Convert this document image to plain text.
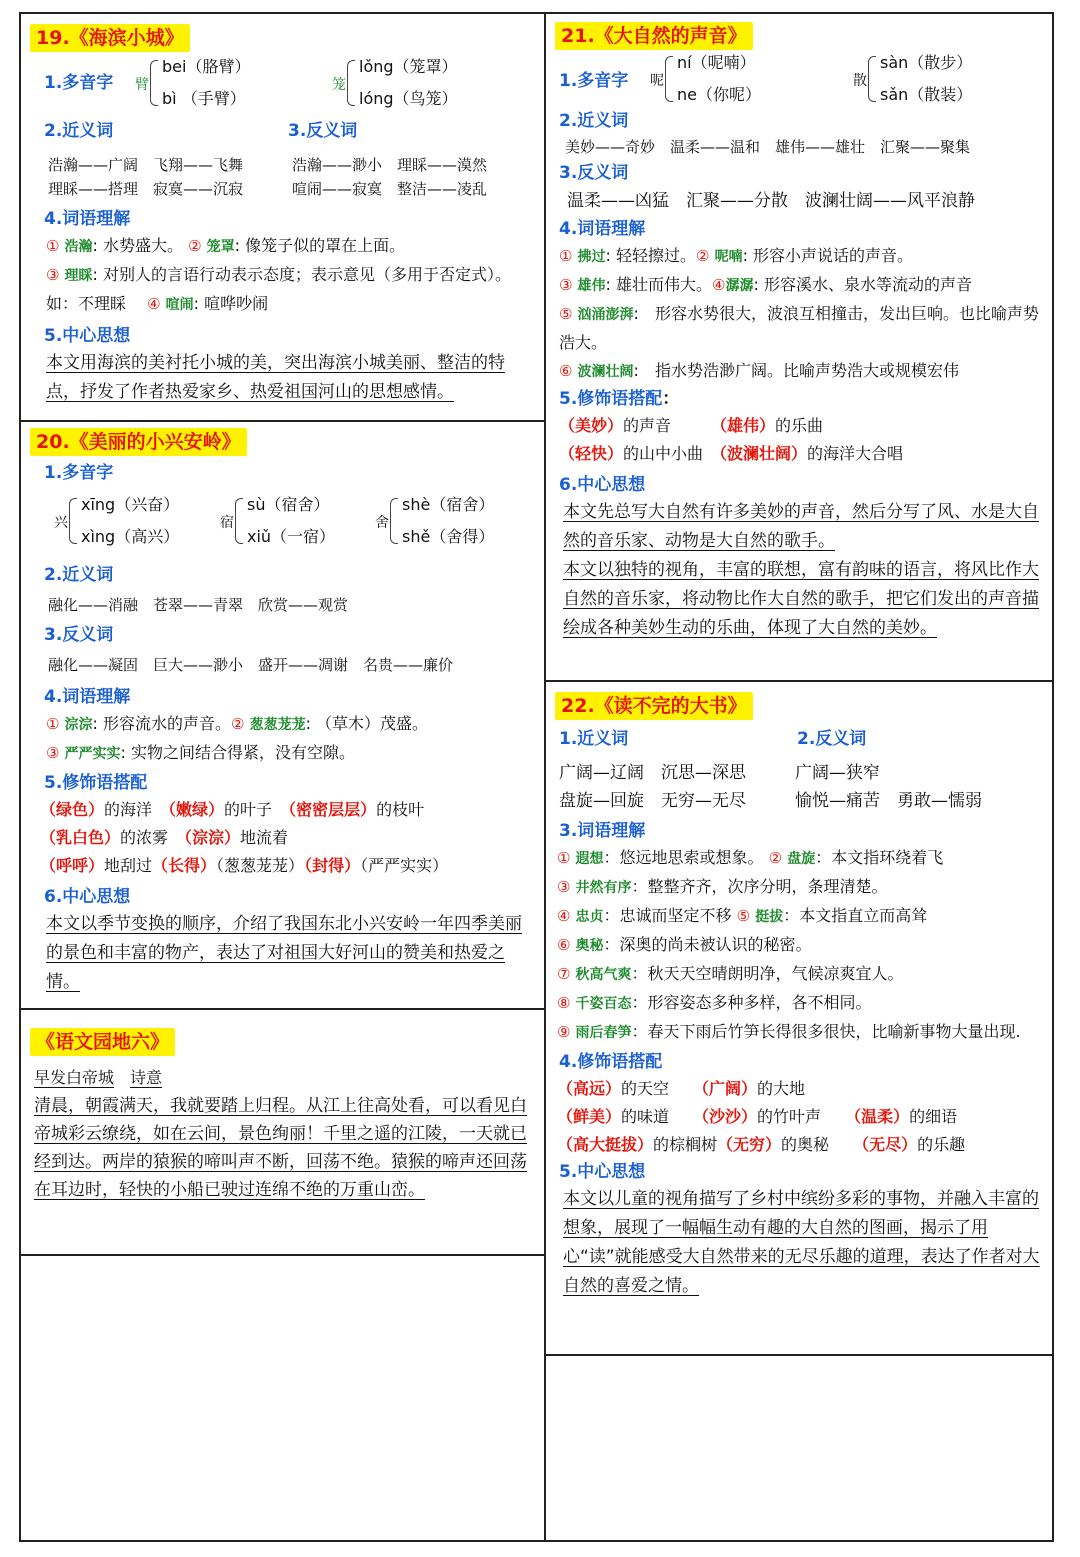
19.《海滨小城》
1.多音字 臂
bei（胳臂）
bì （手臂）
笼
lǒng（笼罩）
lóng（鸟笼）
2.近义词	3.反义词
浩瀚——广阔　飞翔——飞舞
理睬——搭理　寂寞——沉寂
浩瀚——渺小　理睬——漠然
喧闹——寂寞　整洁——凌乱
4.词语理解
① 浩瀚: 水势盛大。 ② 笼罩: 像笼子似的罩在上面。
③ 理睬: 对别人的言语行动表示态度；表示意见（多用于否定式）。如：不理睬 　 ④ 喧闹: 喧哗吵闹
5.中心思想
本文用海滨的美衬托小城的美，突出海滨小城美丽、整洁的特点，抒发了作者热爱家乡、热爱祖国河山的思想感情。
20.《美丽的小兴安岭》
1.多音字
兴
xīng（兴奋）
xìng（高兴）
宿
sù（宿舍）
xiǔ（一宿）
舍
shè（宿舍）
shě（舍得）
2.近义词
融化——消融　苍翠——青翠　欣赏——观赏
3.反义词
融化——凝固　巨大——渺小　盛开——凋谢　名贵——廉价
4.词语理解
① 淙淙: 形容流水的声音。② 葱葱茏茏: （草木）茂盛。
③ 严严实实: 实物之间结合得紧，没有空隙。
5.修饰语搭配
（绿色）的海洋　（嫩绿）的叶子　（密密层层）的枝叶
（乳白色）的浓雾　（淙淙）地流着
（呼呼）地刮过（长得）（葱葱茏茏）（封得）（严严实实）
6.中心思想
本文以季节变换的顺序，介绍了我国东北小兴安岭一年四季美丽的景色和丰富的物产，表达了对祖国大好河山的赞美和热爱之情。
《语文园地六》
早发白帝城　 诗意
清晨，朝霞满天，我就要踏上归程。从江上往高处看，可以看见白帝城彩云缭绕，如在云间，景色绚丽！千里之遥的江陵，一天就已经到达。两岸的猿猴的啼叫声不断，回荡不绝。猿猴的啼声还回荡在耳边时，轻快的小船已驶过连绵不绝的万重山峦。
21.《大自然的声音》
1.多音字 呢
ní（呢喃）
ne（你呢）
散
sàn（散步）
sǎn（散装）
2.近义词
美妙——奇妙　温柔——温和　雄伟——雄壮　汇聚——聚集
3.反义词
温柔——凶猛　汇聚——分散　波澜壮阔——风平浪静
4.词语理解
① 拂过: 轻轻擦过。② 呢喃: 形容小声说话的声音。
③ 雄伟: 雄壮而伟大。④潺潺: 形容溪水、泉水等流动的声音
⑤ 汹涌澎湃:　形容水势很大，波浪互相撞击，发出巨响。也比喻声势浩大。
⑥ 波澜壮阔:　指水势浩渺广阔。比喻声势浩大或规模宏伟
5.修饰语搭配：
（美妙）的声音　　　（雄伟）的乐曲
（轻快）的山中小曲　（波澜壮阔）的海洋大合唱
6.中心思想
本文先总写大自然有许多美妙的声音，然后分写了风、水是大自然的音乐家、动物是大自然的歌手。
本文以独特的视角，丰富的联想，富有韵味的语言，将风比作大自然的音乐家，将动物比作大自然的歌手，把它们发出的声音描绘成各种美妙生动的乐曲，体现了大自然的美妙。
22.《读不完的大书》
1.近义词	2.反义词
广阔—辽阔　沉思—深思
盘旋—回旋　无穷—无尽
广阔—狭窄
愉悦—痛苦　勇敢—懦弱
3.词语理解
① 遐想：悠远地思索或想象。 ② 盘旋：本文指环绕着飞
③ 井然有序：整整齐齐，次序分明，条理清楚。
④ 忠贞：忠诚而坚定不移 ⑤ 挺拔：本文指直立而高耸
⑥ 奥秘：深奥的尚未被认识的秘密。
⑦ 秋高气爽：秋天天空晴朗明净，气候凉爽宜人。
⑧ 千姿百态：形容姿态多种多样，各不相同。
⑨ 雨后春笋：春天下雨后竹笋长得很多很快，比喻新事物大量出现.
4.修饰语搭配
（高远）的天空　　（广阔）的大地
（鲜美）的味道　　（沙沙）的竹叶声　　（温柔）的细语
（高大挺拔）的棕榈树（无穷）的奥秘　　（无尽）的乐趣
5.中心思想
本文以儿童的视角描写了乡村中缤纷多彩的事物，并融入丰富的想象，展现了一幅幅生动有趣的大自然的图画，揭示了用心“读”就能感受大自然带来的无尽乐趣的道理，表达了作者对大自然的喜爱之情。
